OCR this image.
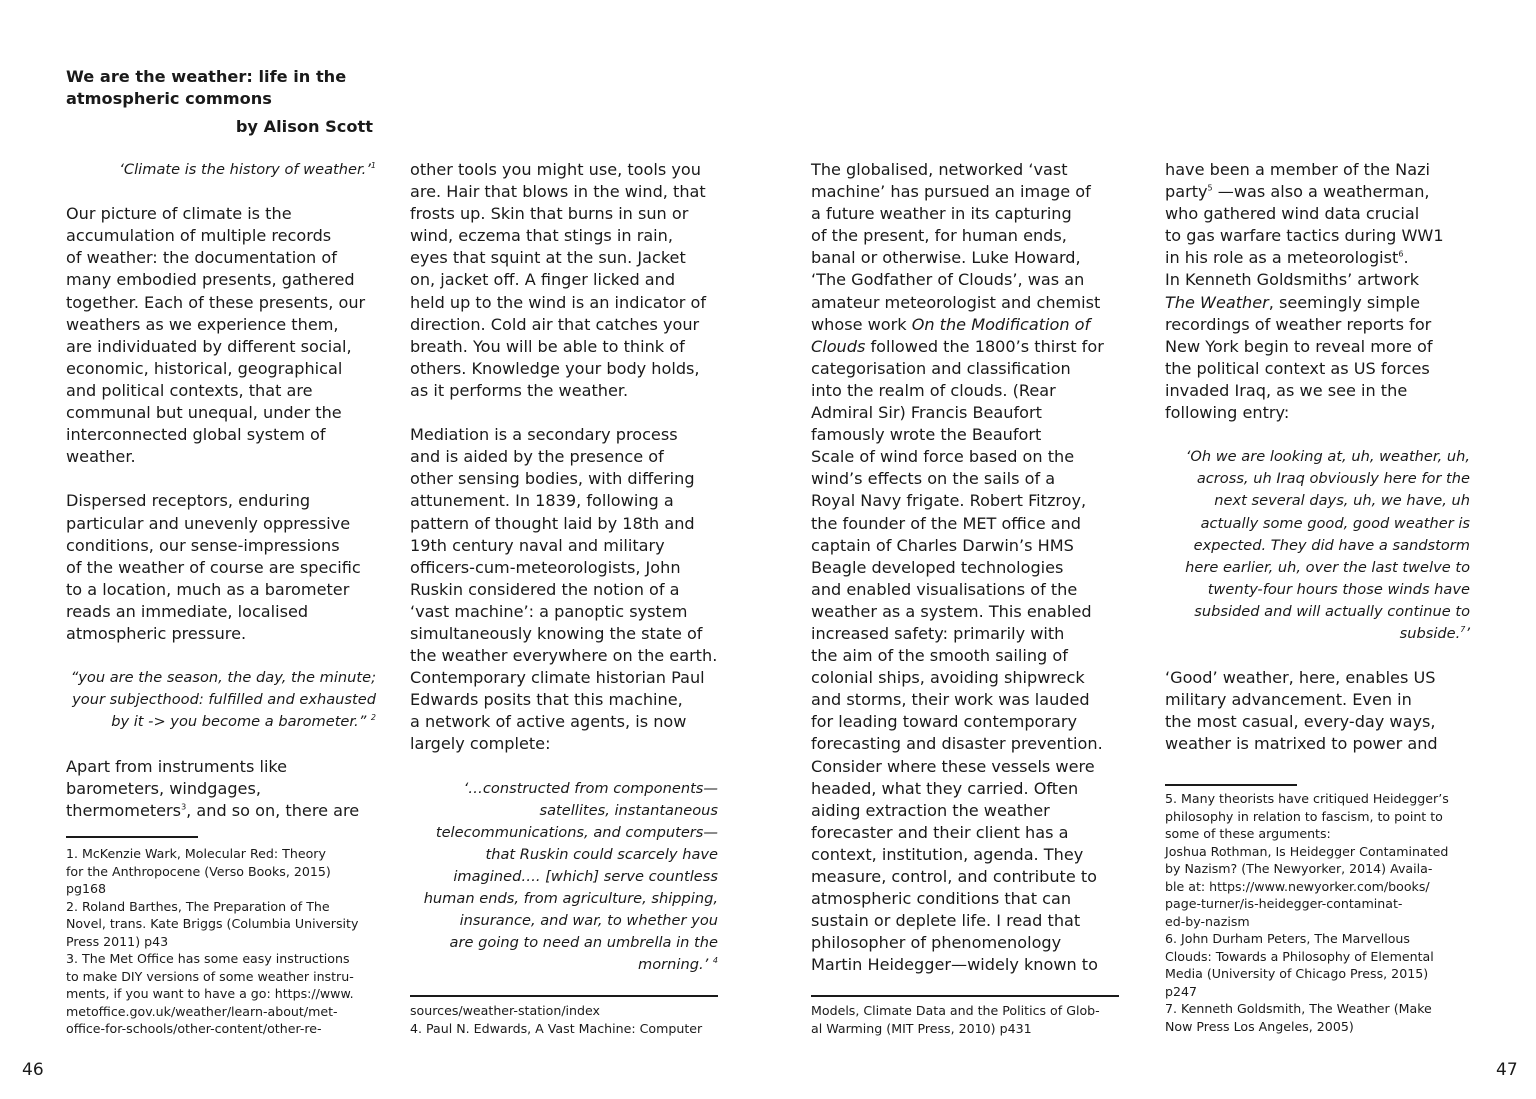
We are the weather: life in the
atmospheric commons
by Alison Scott

‘Climate is the history of weather.’$^1$

Our picture of climate is the
accumulation of multiple records
of weather: the documentation of
many embodied presents, gathered
together. Each of these presents, our
weathers as we experience them,
are individuated by different social,
economic, historical, geographical
and political contexts, that are
communal but unequal, under the
interconnected global system of
weather.

Dispersed receptors, enduring
particular and unevenly oppressive
conditions, our sense-impressions
of the weather of course are specific
to a location, much as a barometer
reads an immediate, localised
atmospheric pressure.

“you are the season, the day, the minute;
your subjecthood: fulfilled and exhausted
by it -> you become a barometer.” $^2$

Apart from instruments like
barometers, windgages,
thermometers$^3$, and so on, there are

other tools you might use, tools you
are. Hair that blows in the wind, that
frosts up. Skin that burns in sun or
wind, eczema that stings in rain,
eyes that squint at the sun. Jacket
on, jacket off. A finger licked and
held up to the wind is an indicator of
direction. Cold air that catches your
breath. You will be able to think of
others. Knowledge your body holds,
as it performs the weather.

Mediation is a secondary process
and is aided by the presence of
other sensing bodies, with differing
attunement. In 1839, following a
pattern of thought laid by 18th and
19th century naval and military
officers-cum-meteorologists, John
Ruskin considered the notion of a
‘vast machine’: a panoptic system
simultaneously knowing the state of
the weather everywhere on the earth.
Contemporary climate historian Paul
Edwards posits that this machine,
a network of active agents, is now
largely complete:

‘…constructed from components—
satellites, instantaneous
telecommunications, and computers—
that Ruskin could scarcely have
imagined…. [which] serve countless
human ends, from agriculture, shipping,
insurance, and war, to whether you
are going to need an umbrella in the
morning.’ $^4$

The globalised, networked ‘vast
machine’ has pursued an image of
a future weather in its capturing
of the present, for human ends,
banal or otherwise. Luke Howard,
‘The Godfather of Clouds’, was an
amateur meteorologist and chemist
whose work On the Modification of
Clouds followed the 1800’s thirst for
categorisation and classification
into the realm of clouds. (Rear
Admiral Sir) Francis Beaufort
famously wrote the Beaufort
Scale of wind force based on the
wind’s effects on the sails of a
Royal Navy frigate. Robert Fitzroy,
the founder of the MET office and
captain of Charles Darwin’s HMS
Beagle developed technologies
and enabled visualisations of the
weather as a system. This enabled
increased safety: primarily with
the aim of the smooth sailing of
colonial ships, avoiding shipwreck
and storms, their work was lauded
for leading toward contemporary
forecasting and disaster prevention.
Consider where these vessels were
headed, what they carried. Often
aiding extraction the weather
forecaster and their client has a
context, institution, agenda. They
measure, control, and contribute to
atmospheric conditions that can
sustain or deplete life. I read that
philosopher of phenomenology
Martin Heidegger—widely known to

have been a member of the Nazi
party$^5$ —was also a weatherman,
who gathered wind data crucial
to gas warfare tactics during WW1
in his role as a meteorologist$^6$.
In Kenneth Goldsmiths’ artwork
The Weather, seemingly simple
recordings of weather reports for
New York begin to reveal more of
the political context as US forces
invaded Iraq, as we see in the
following entry:

‘Oh we are looking at, uh, weather, uh,
across, uh Iraq obviously here for the
next several days, uh, we have, uh
actually some good, good weather is
expected. They did have a sandstorm
here earlier, uh, over the last twelve to
twenty-four hours those winds have
subsided and will actually continue to
subside.$^7$’

‘Good’ weather, here, enables US
military advancement. Even in
the most casual, every-day ways,
weather is matrixed to power and

1. McKenzie Wark, Molecular Red: Theory
for the Anthropocene (Verso Books, 2015)
pg168
2. Roland Barthes, The Preparation of The
Novel, trans. Kate Briggs (Columbia University
Press 2011) p43
3. The Met Office has some easy instructions
to make DIY versions of some weather instru-
ments, if you want to have a go: https://www.
metoffice.gov.uk/weather/learn-about/met-
office-for-schools/other-content/other-re-
sources/weather-station/index
4. Paul N. Edwards, A Vast Machine: Computer
Models, Climate Data and the Politics of Glob-
al Warming (MIT Press, 2010) p431
5. Many theorists have critiqued Heidegger’s
philosophy in relation to fascism, to point to
some of these arguments:
Joshua Rothman, Is Heidegger Contaminated
by Nazism? (The Newyorker, 2014) Availa-
ble at: https://www.newyorker.com/books/
page-turner/is-heidegger-contaminat-
ed-by-nazism
6. John Durham Peters, The Marvellous
Clouds: Towards a Philosophy of Elemental
Media (University of Chicago Press, 2015)
p247
7. Kenneth Goldsmith, The Weather (Make
Now Press Los Angeles, 2005)
46	47
